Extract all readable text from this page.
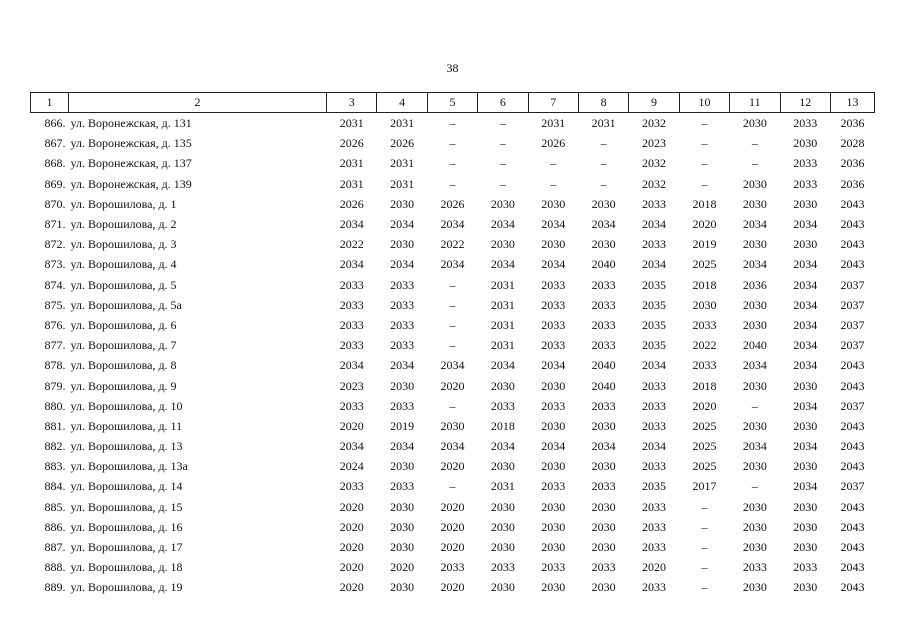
38
1	2	3	4	5	6	7	8	9	10	11	12	13
866.	ул. Воронежская, д. 131	2031	2031	–	–	2031	2031	2032	–	2030	2033	2036
867.	ул. Воронежская, д. 135	2026	2026	–	–	2026	–	2023	–	–	2030	2028
868.	ул. Воронежская, д. 137	2031	2031	–	–	–	–	2032	–	–	2033	2036
869.	ул. Воронежская, д. 139	2031	2031	–	–	–	–	2032	–	2030	2033	2036
870.	ул. Ворошилова, д. 1	2026	2030	2026	2030	2030	2030	2033	2018	2030	2030	2043
871.	ул. Ворошилова, д. 2	2034	2034	2034	2034	2034	2034	2034	2020	2034	2034	2043
872.	ул. Ворошилова, д. 3	2022	2030	2022	2030	2030	2030	2033	2019	2030	2030	2043
873.	ул. Ворошилова, д. 4	2034	2034	2034	2034	2034	2040	2034	2025	2034	2034	2043
874.	ул. Ворошилова, д. 5	2033	2033	–	2031	2033	2033	2035	2018	2036	2034	2037
875.	ул. Ворошилова, д. 5а	2033	2033	–	2031	2033	2033	2035	2030	2030	2034	2037
876.	ул. Ворошилова, д. 6	2033	2033	–	2031	2033	2033	2035	2033	2030	2034	2037
877.	ул. Ворошилова, д. 7	2033	2033	–	2031	2033	2033	2035	2022	2040	2034	2037
878.	ул. Ворошилова, д. 8	2034	2034	2034	2034	2034	2040	2034	2033	2034	2034	2043
879.	ул. Ворошилова, д. 9	2023	2030	2020	2030	2030	2040	2033	2018	2030	2030	2043
880.	ул. Ворошилова, д. 10	2033	2033	–	2033	2033	2033	2033	2020	–	2034	2037
881.	ул. Ворошилова, д. 11	2020	2019	2030	2018	2030	2030	2033	2025	2030	2030	2043
882.	ул. Ворошилова, д. 13	2034	2034	2034	2034	2034	2034	2034	2025	2034	2034	2043
883.	ул. Ворошилова, д. 13а	2024	2030	2020	2030	2030	2030	2033	2025	2030	2030	2043
884.	ул. Ворошилова, д. 14	2033	2033	–	2031	2033	2033	2035	2017	–	2034	2037
885.	ул. Ворошилова, д. 15	2020	2030	2020	2030	2030	2030	2033	–	2030	2030	2043
886.	ул. Ворошилова, д. 16	2020	2030	2020	2030	2030	2030	2033	–	2030	2030	2043
887.	ул. Ворошилова, д. 17	2020	2030	2020	2030	2030	2030	2033	–	2030	2030	2043
888.	ул. Ворошилова, д. 18	2020	2020	2033	2033	2033	2033	2020	–	2033	2033	2043
889.	ул. Ворошилова, д. 19	2020	2030	2020	2030	2030	2030	2033	–	2030	2030	2043
